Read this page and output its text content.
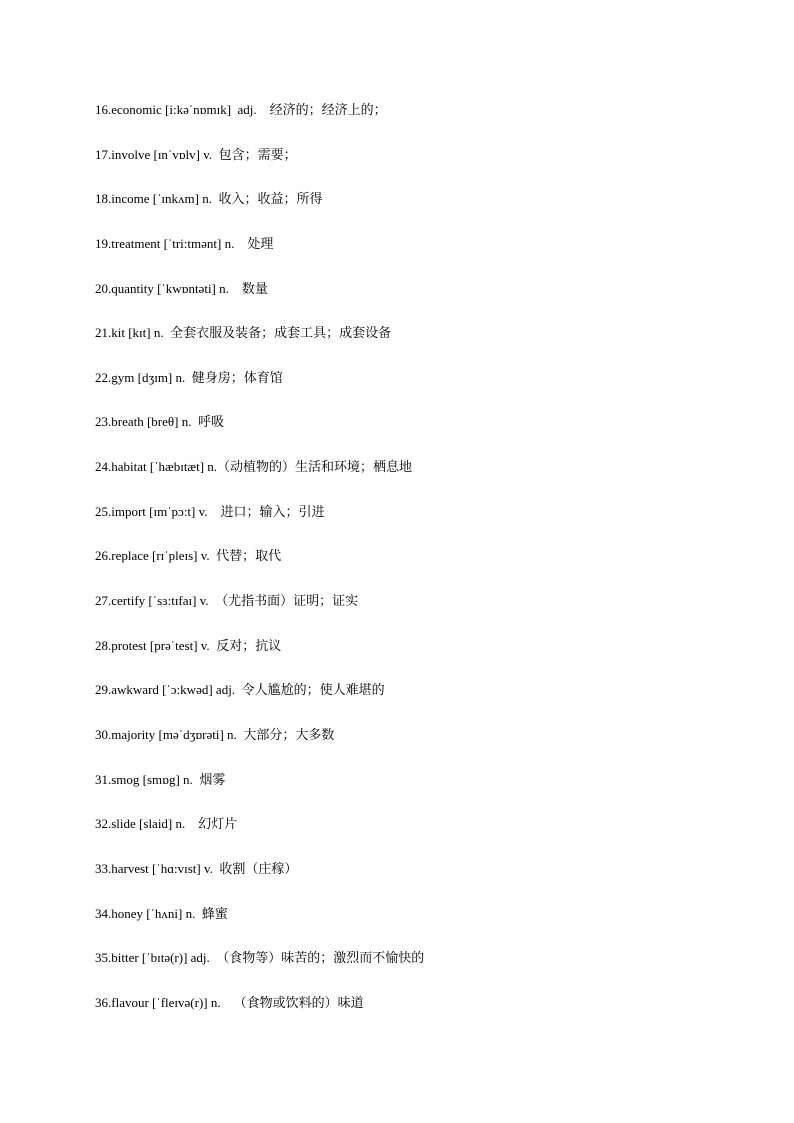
16.economic [i:kəˈnɒmɪk]  adj.    经济的；经济上的；
17.involve [ɪnˈvɒlv] v.  包含；需要；
18.income [ˈɪnkʌm] n.  收入；收益；所得
19.treatment [ˈtri:tmənt] n.    处理
20.quantity [ˈkwɒntəti] n.    数量
21.kit [kɪt] n.  全套衣服及装备；成套工具；成套设备
22.gym [dʒɪm] n.  健身房；体育馆
23.breath [breθ] n.  呼吸
24.habitat [ˈhæbɪtæt] n.（动植物的）生活和环境；栖息地
25.import [ɪmˈpɔ:t] v.    进口；输入；引进
26.replace [rɪˈpleɪs] v.  代替；取代
27.certify [ˈsɜ:tɪfaɪ] v.  （尤指书面）证明；证实
28.protest [prəˈtest] v.  反对；抗议
29.awkward [ˈɔ:kwəd] adj.  令人尴尬的；使人难堪的
30.majority [məˈdʒɒrəti] n.  大部分；大多数
31.smog [smɒg] n.  烟雾
32.slide [slaid] n.    幻灯片
33.harvest [ˈhɑ:vɪst] v.  收割（庄稼）
34.honey [ˈhʌni] n.  蜂蜜
35.bitter [ˈbɪtə(r)] adj.  （食物等）味苦的；激烈而不愉快的
36.flavour [ˈfleɪvə(r)] n.    （食物或饮料的）味道
